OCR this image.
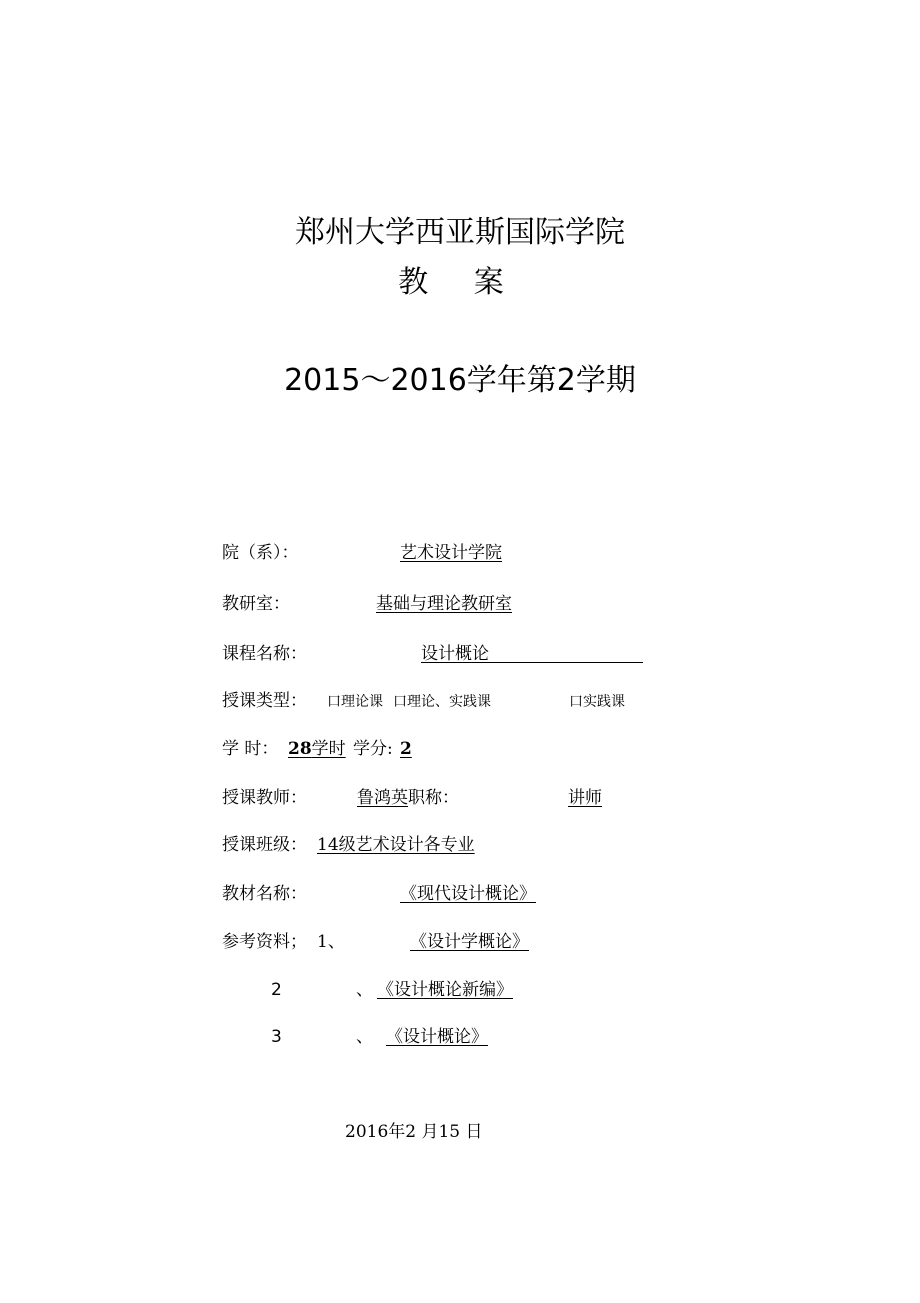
郑州大学西亚斯国际学院
教 案
2015～2016学年第2学期
院（系）：	艺术设计学院
教研室：	基础与理论教研室
课程名称：	设计概论
授课类型： 口理论课 口理论、实践课	口实践课
学 时： 28学时 学分: 2
授课教师：	鲁鸿英 职称：	讲师
授课班级： 14级艺术设计各专业
教材名称：	《现代设计概论》
参考资料； 1、	《设计学概论》
2	、 《设计概论新编》
3	、 《设计概论》
2016年2 月15 日
